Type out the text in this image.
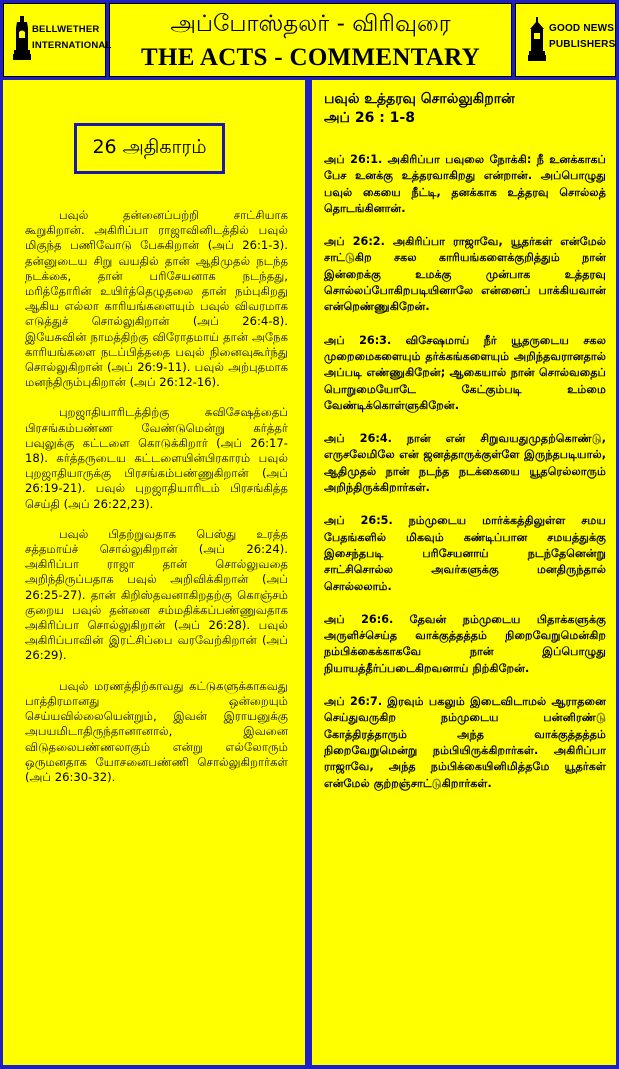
BELLWETHER
INTERNATIONAL
அப்போஸ்தலர் - விரிவுரை
THE ACTS - COMMENTARY
GOOD NEWS
PUBLISHERS
26 அதிகாரம்

பவுல் தன்னைப்பற்றி சாட்சியாக கூறுகிறான். அகிரிப்பா ராஜாவினிடத்தில் பவுல் மிகுந்த பணிவோடு பேசுகிறான் (அப் 26:1-3). தன்னுடைய சிறு வயதில் தான் ஆதிமுதல் நடந்த நடக்கை, தான் பரிசேயனாக நடந்தது, மரித்தோரின் உயிர்த்தெழுதலை தான் நம்புகிறது ஆகிய எல்லா காரியங்களையும் பவுல் விவரமாக எடுத்துச் சொல்லுகிறான் (அப் 26:4-8). இயேசுவின் நாமத்திற்கு விரோதமாய் தான் அநேக காரியங்களை நடப்பித்ததை பவுல் நினைவுகூர்ந்து சொல்லுகிறான் (அப் 26:9-11). பவுல் அற்புதமாக மனந்திரும்புகிறான் (அப் 26:12-16).

புறஜாதியாரிடத்திற்கு சுவிசேஷத்தைப் பிரசங்கம்பண்ண வேண்டுமென்று கர்த்தர் பவுலுக்கு கட்டளை கொடுக்கிறார் (அப் 26:17-18). கர்த்தருடைய கட்டளையின்பிரகாரம் பவுல் புறஜாதியாருக்கு பிரசங்கம்பண்ணுகிறான் (அப் 26:19-21). பவுல் புறஜாதியாரிடம் பிரசங்கித்த செய்தி (அப் 26:22,23).

பவுல் பிதற்றுவதாக பெஸ்து உரத்த சத்தமாய்ச் சொல்லுகிறான் (அப் 26:24). அகிரிப்பா ராஜா தான் சொல்லுவதை அறிந்திருப்பதாக பவுல் அறிவிக்கிறான் (அப் 26:25-27). தான் கிறிஸ்தவனாகிறதற்கு கொஞ்சம் குறைய பவுல் தன்னை சம்மதிக்கப்பண்ணுவதாக அகிரிப்பா சொல்லுகிறான் (அப் 26:28). பவுல் அகிரிப்பாவின் இரட்சிப்பை வரவேற்கிறான் (அப் 26:29).

பவுல் மரணத்திற்காவது கட்டுகளுக்காகவது பாத்திரமானது ஒன்றையும் செய்யவில்லையென்றும், இவன் இராயனுக்கு அபயமிடாதிருந்தானானால், இவனை விடுதலைபண்ணலாகும் என்று எல்லோரும் ஒருமனதாக யோசனைபண்ணி சொல்லுகிறார்கள் (அப் 26:30-32).

பவுல் உத்தரவு சொல்லுகிறான்
அப் 26 : 1-8

அப் 26:1. அகிரிப்பா பவுலை நோக்கி: நீ உனக்காகப் பேச உனக்கு உத்தரவாகிறது என்றான். அப்பொழுது பவுல் கையை நீட்டி, தனக்காக உத்தரவு சொல்லத் தொடங்கினான்.

அப் 26:2. அகிரிப்பா ராஜாவே, யூதர்கள் என்மேல் சாட்டுகிற சகல காரியங்களைக்குறித்தும் நான் இன்றைக்கு உமக்கு முன்பாக உத்தரவு சொல்லப்போகிறபடியினாலே என்னைப் பாக்கியவான் என்றெண்ணுகிறேன்.

அப் 26:3. விசேஷமாய் நீர் யூதருடைய சகல முறைமைகளையும் தர்க்கங்களையும் அறிந்தவரானதால் அப்படி எண்ணுகிறேன்; ஆகையால் நான் சொல்வதைப் பொறுமையோடே கேட்கும்படி உம்மை வேண்டிக்கொள்ளுகிறேன்.

அப் 26:4. நான் என் சிறுவயதுமுதற்கொண்டு, எருசலேமிலே என் ஜனத்தாருக்குள்ளே இருந்தபடியால், ஆதிமுதல் நான் நடந்த நடக்கையை யூதரெல்லாரும் அறிந்திருக்கிறார்கள்.

அப் 26:5. நம்முடைய மார்க்கத்திலுள்ள சமய பேதங்களில் மிகவும் கண்டிப்பான சமயத்துக்கு இசைந்தபடி பரிசேயனாய் நடந்தேனென்று சாட்சிசொல்ல அவர்களுக்கு மனதிருந்தால் சொல்லலாம்.

அப் 26:6. தேவன் நம்முடைய பிதாக்களுக்கு அருளிச்செய்த வாக்குத்தத்தம் நிறைவேறுமென்கிற நம்பிக்கைக்காகவே நான் இப்பொழுது நியாயத்தீர்ப்படைகிறவனாய் நிற்கிறேன்.

அப் 26:7. இரவும் பகலும் இடைவிடாமல் ஆராதனை செய்துவருகிற நம்முடைய பன்னிரண்டு கோத்திரத்தாரும் அந்த வாக்குத்தத்தம் நிறைவேறுமென்று நம்பியிருக்கிறார்கள். அகிரிப்பா ராஜாவே, அந்த நம்பிக்கையினிமித்தமே யூதர்கள் என்மேல் குற்றஞ்சாட்டுகிறார்கள்.
